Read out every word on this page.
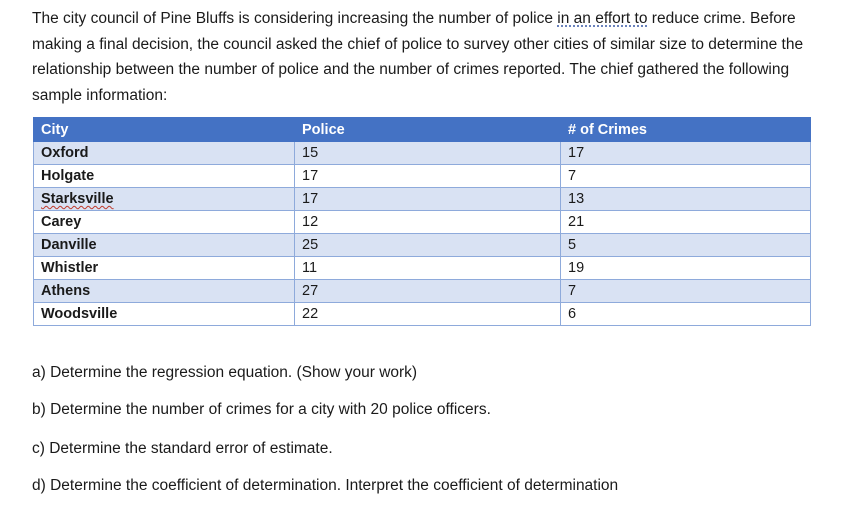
The city council of Pine Bluffs is considering increasing the number of police in an effort to reduce crime. Before making a final decision, the council asked the chief of police to survey other cities of similar size to determine the relationship between the number of police and the number of crimes reported. The chief gathered the following sample information:
City	Police	# of Crimes
Oxford	15	17
Holgate	17	7
Starksville	17	13
Carey	12	21
Danville	25	5
Whistler	11	19
Athens	27	7
Woodsville	22	6
a) Determine the regression equation. (Show your work)
b) Determine the number of crimes for a city with 20 police officers.
c) Determine the standard error of estimate.
d) Determine the coefficient of determination. Interpret the coefficient of determination
